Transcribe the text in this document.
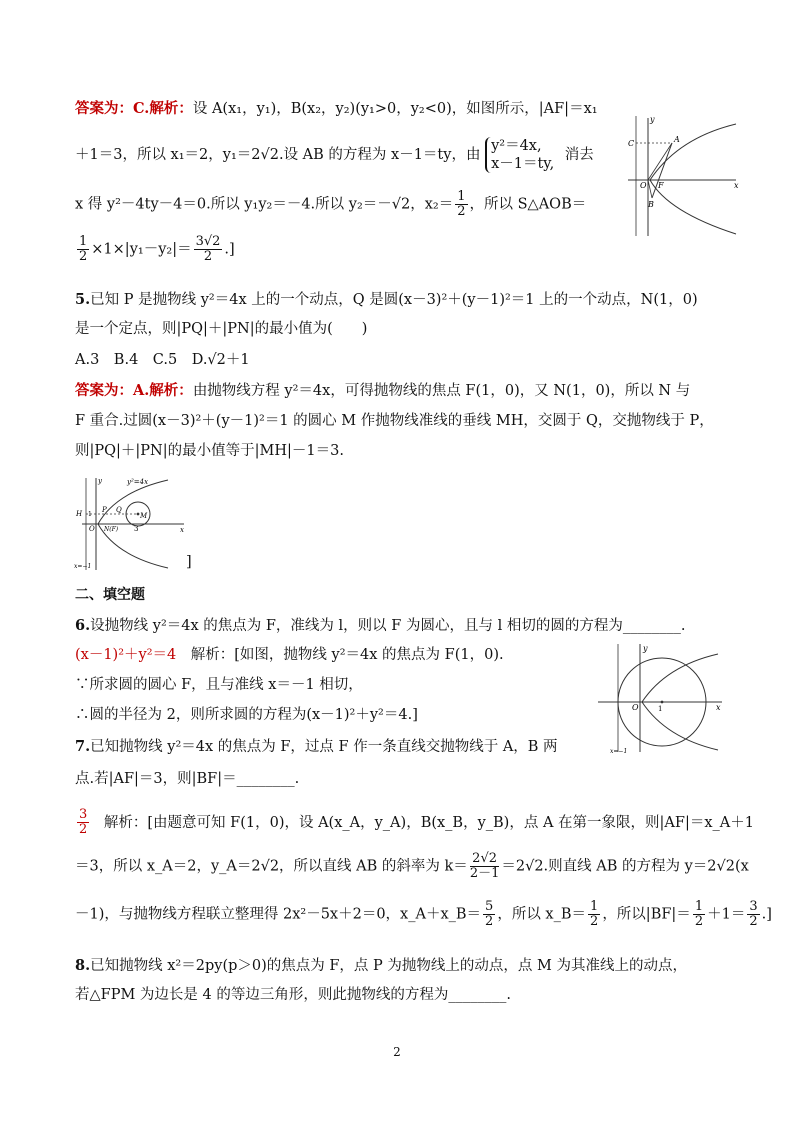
答案为：C.解析：设 A(x₁，y₁)，B(x₂，y₂)(y₁>0，y₂<0)，如图所示，|AF|＝x₁
＋1＝3，所以 x₁＝2，y₁＝2√2.设 AB 的方程为 x－1＝ty，由
y²＝4x,
x－1＝ty,
消去
x 得 y²－4ty－4＝0.所以 y₁y₂＝－4.所以 y₂＝－√2，$x_2= \frac{1}{2}$ ，所以 S△AOB＝
$\frac{1}{2} \times 1\times|y_1-y_2|= \frac{3√2}{2}$ .]
y
x
A
B
C
O F
5.已知 P 是抛物线 y²＝4x 上的一个动点，Q 是圆(x－3)²＋(y－1)²＝1 上的一个动点，N(1，0)
是一个定点，则|PQ|＋|PN|的最小值为(　　)
A.3　B.4　C.5　D.√2＋1
答案为：A.解析：由抛物线方程 y²＝4x，可得抛物线的焦点 F(1，0)，又 N(1，0)，所以 N 与
F 重合.过圆(x－3)²＋(y－1)²＝1 的圆心 M 作抛物线准线的垂线 MH，交圆于 Q，交抛物线于 P，
则|PQ|＋|PN|的最小值等于|MH|－1＝3.
y²=4x
y
x
H	Q
P
O N(F)
M
3
1
x=−1	]
二、填空题
6.设抛物线 y²＝4x 的焦点为 F，准线为 l，则以 F 为圆心，且与 l 相切的圆的方程为________.
(x－1)²＋y²＝4　 解析：[如图，抛物线 y²＝4x 的焦点为 F(1，0).
∵所求圆的圆心 F，且与准线 x＝－1 相切，
∴圆的半径为 2，则所求圆的方程为(x－1)²＋y²＝4.]
y
x
O	1
x=−1
7.已知抛物线 y²＝4x 的焦点为 F，过点 F 作一条直线交抛物线于 A，B 两
点.若|AF|＝3，则|BF|＝________.
$\frac{3}{2}$ 解析：[由题意可知 F(1，0)，设 A(x_A，y_A)，B(x_B，y_B)，点 A 在第一象限，则|AF|＝x_A＋1
＝3，所以 x_A＝2，y_A＝2√2，所以直线 AB 的斜率为 $k= \frac{2√2}{2-1} =2√2$.则直线 AB 的方程为 y＝2√2(x
－1)，与抛物线方程联立整理得 2x²－5x＋2＝0，x_A＋x_B＝ $\frac{5}{2}$ ，所以 x_B＝ $\frac{1}{2}$ ，所以$|BF|= \frac{1}{2} +1= \frac{3}{2}$ .]
8.已知抛物线 x²＝2py(p＞0)的焦点为 F，点 P 为抛物线上的动点，点 M 为其准线上的动点，
若△FPM 为边长是 4 的等边三角形，则此抛物线的方程为________.
2
